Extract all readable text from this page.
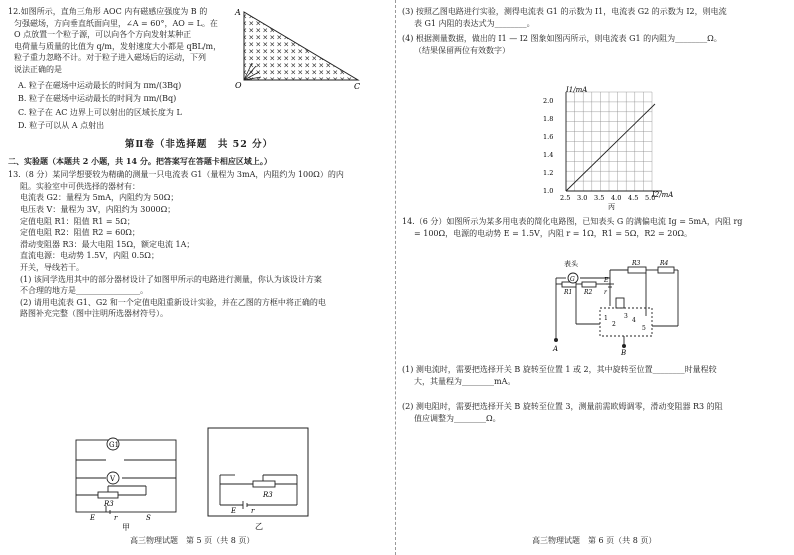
12.如图所示，直角三角形 AOC 内有磁感应强度为 B 的

匀强磁场，方向垂直纸面向里，∠A = 60°，AO = L。在

O 点放置一个粒子源，可以向各个方向发射某种正

电荷量与质量的比值为 q/m，发射速度大小都是 qBL/m，

粒子重力忽略不计。对于粒子进入磁场后的运动，下列

说法正确的是

A. 粒子在磁场中运动最长的时间为 πm/(3Bq)

B. 粒子在磁场中运动最长的时间为 πm/(Bq)

C. 粒子在 AC 边界上可以射出的区域长度为 L

D. 粒子可以从 A 点射出

第Ⅱ卷（非选择题　共 52 分）

二、实验题（本题共 2 小题，共 14 分。把答案写在答题卡相应区域上。）

13.（8 分）某同学想要较为精确的测量一只电流表 G1（量程为 3mA，内阻约为 100Ω）的内

阻。实验室中可供选择的器材有：

电流表 G2：量程为 5mA，内阻约为 50Ω；

电压表 V：量程为 3V，内阻约为 3000Ω；

定值电阻 R1：阻值 R1 = 5Ω；

定值电阻 R2：阻值 R2 = 60Ω；

滑动变阻器 R3：最大电阻 15Ω，额定电流 1A；

直流电源：电动势 1.5V，内阻 0.5Ω；

开关，导线若干。

(1) 该同学选用其中的部分器材设计了如图甲所示的电路进行测量，你认为该设计方案

不合理的地方是________________。

(2) 请用电流表 G1、G2 和一个定值电阻重新设计实验，并在乙图的方框中将正确的电

路图补充完整（图中注明所选器材符号）。

A
O	C
G1
V
R3
E	r	S
甲
R3
E r
乙

高三物理试题　第 5 页（共 8 页）

(3) 按照乙图电路进行实验，测得电流表 G1 的示数为 I1，电流表 G2 的示数为 I2，则电流

表 G1 内阻的表达式为________。

(4) 根据测量数据，做出的 I1 — I2 图象如图丙所示，则电流表 G1 的内阻为________Ω。

（结果保留两位有效数字）

I1/mA
I2/mA
1.0
1.2
1.4
1.6
1.8
2.0
2.5 3.0 3.5 4.0 4.5 5.0
丙

14.（6 分）如图所示为某多用电表的简化电路图，已知表头 G 的满偏电流 Ig = 5mA，内阻 rg

= 100Ω，电源的电动势 E = 1.5V，内阻 r = 1Ω，R1 = 5Ω，R2 = 20Ω。

表头
G
R1 R2
R3	R4
E
r
1
2
3
4
5
A	B

(1) 测电流时，需要把选择开关 B 旋转至位置 1 或 2，其中旋转至位置________时量程较

大，其量程为________mA。

(2) 测电阻时，需要把选择开关 B 旋转至位置 3，测量前需欧姆调零，滑动变阻器 R3 的阻

值应调整为________Ω。

高三物理试题　第 6 页（共 8 页）
